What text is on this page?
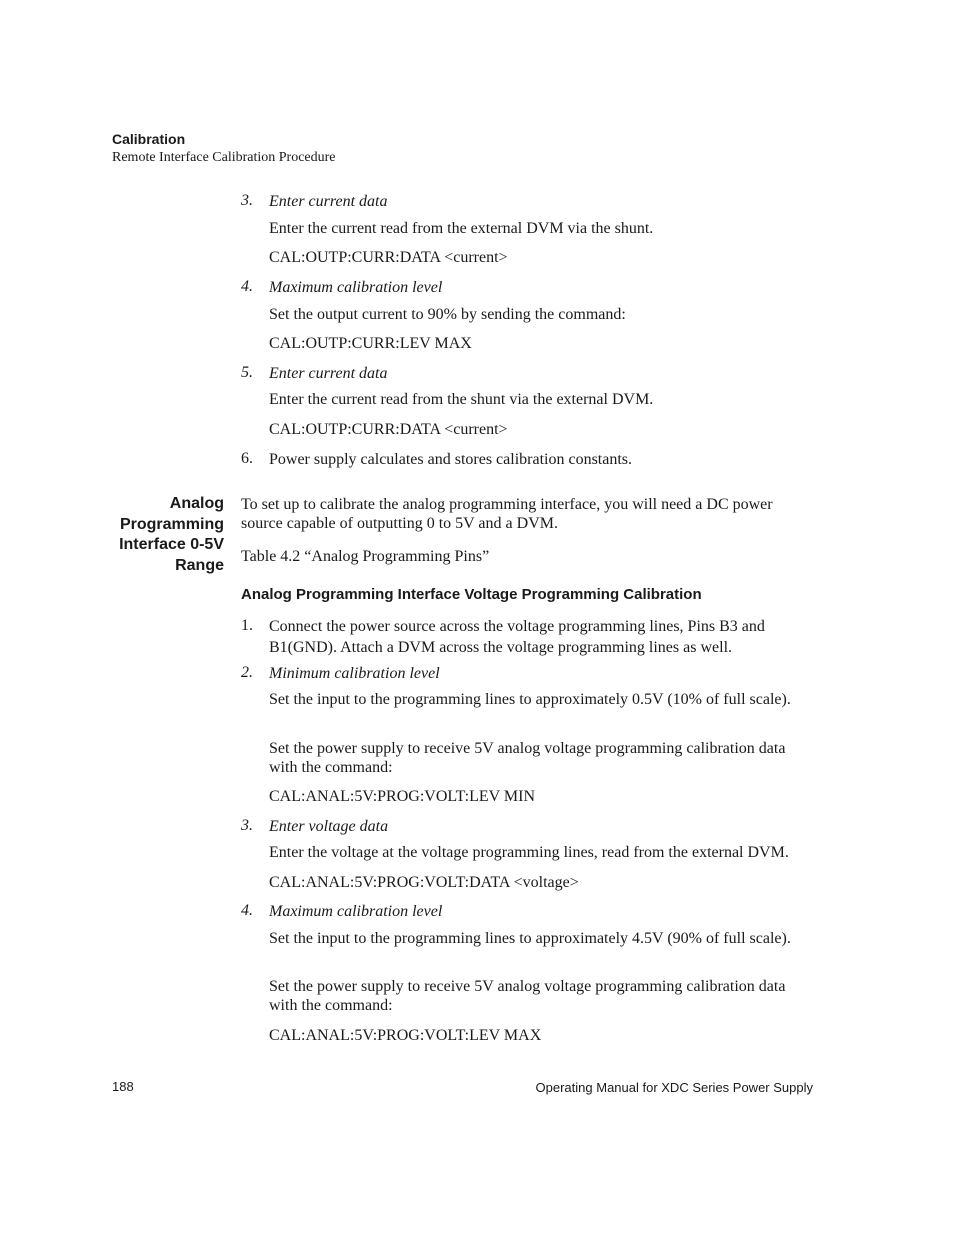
Calibration
Remote Interface Calibration Procedure
3. Enter current data
Enter the current read from the external DVM via the shunt.
CAL:OUTP:CURR:DATA <current>
4. Maximum calibration level
Set the output current to 90% by sending the command:
CAL:OUTP:CURR:LEV MAX
5. Enter current data
Enter the current read from the shunt via the external DVM.
CAL:OUTP:CURR:DATA <current>
6. Power supply calculates and stores calibration constants.
Analog
Programming
Interface 0-5V
Range
To set up to calibrate the analog programming interface, you will need a DC power source capable of outputting 0 to 5V and a DVM.
Table 4.2 “Analog Programming Pins”
Analog Programming Interface Voltage Programming Calibration
1. Connect the power source across the voltage programming lines, Pins B3 and B1(GND). Attach a DVM across the voltage programming lines as well.
2. Minimum calibration level
Set the input to the programming lines to approximately 0.5V (10% of full scale).
Set the power supply to receive 5V analog voltage programming calibration data with the command:
CAL:ANAL:5V:PROG:VOLT:LEV MIN
3. Enter voltage data
Enter the voltage at the voltage programming lines, read from the external DVM.
CAL:ANAL:5V:PROG:VOLT:DATA <voltage>
4. Maximum calibration level
Set the input to the programming lines to approximately 4.5V (90% of full scale).
Set the power supply to receive 5V analog voltage programming calibration data with the command:
CAL:ANAL:5V:PROG:VOLT:LEV MAX
188	Operating Manual for XDC Series Power Supply
